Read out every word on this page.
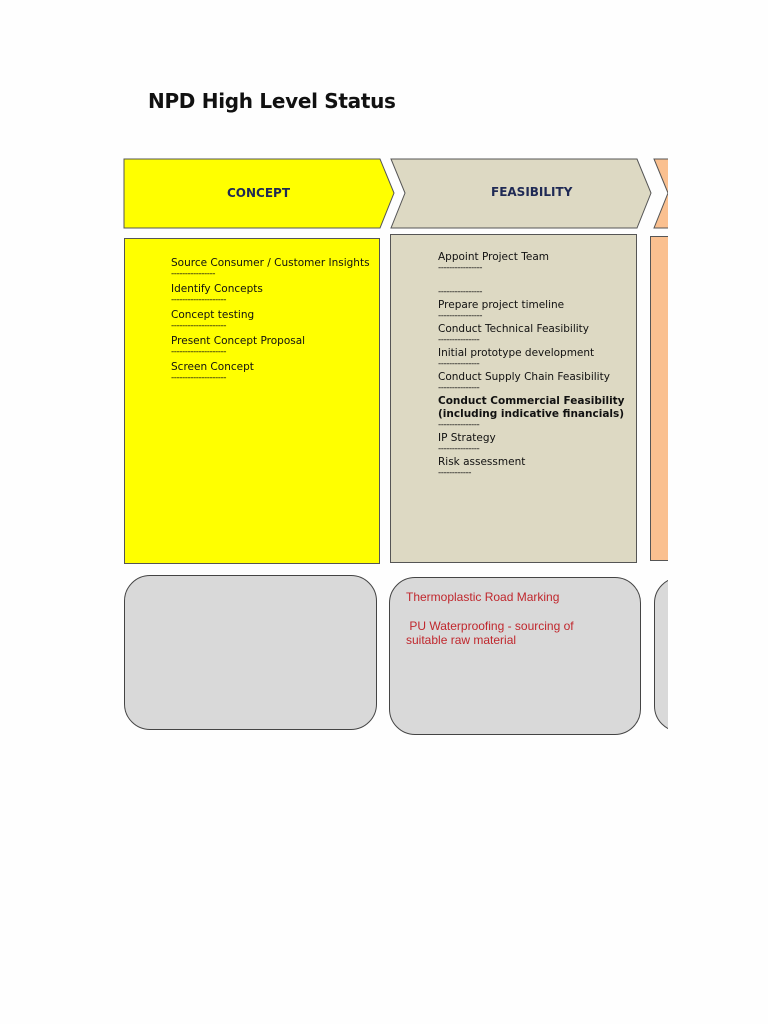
NPD High Level Status
CONCEPT	FEASIBILITY
Source Consumer / Customer Insights
----------------
Identify Concepts
--------------------
Concept testing
--------------------
Present Concept Proposal
--------------------
Screen Concept
--------------------
Appoint Project Team
----------------

----------------
Prepare project timeline
----------------
Conduct Technical Feasibility
---------------
Initial prototype development
---------------
Conduct Supply Chain Feasibility
---------------
Conduct Commercial Feasibility
(including indicative financials)
---------------
IP Strategy
---------------
Risk assessment
------------
Thermoplastic Road Marking
PU Waterproofing - sourcing of
suitable raw material
